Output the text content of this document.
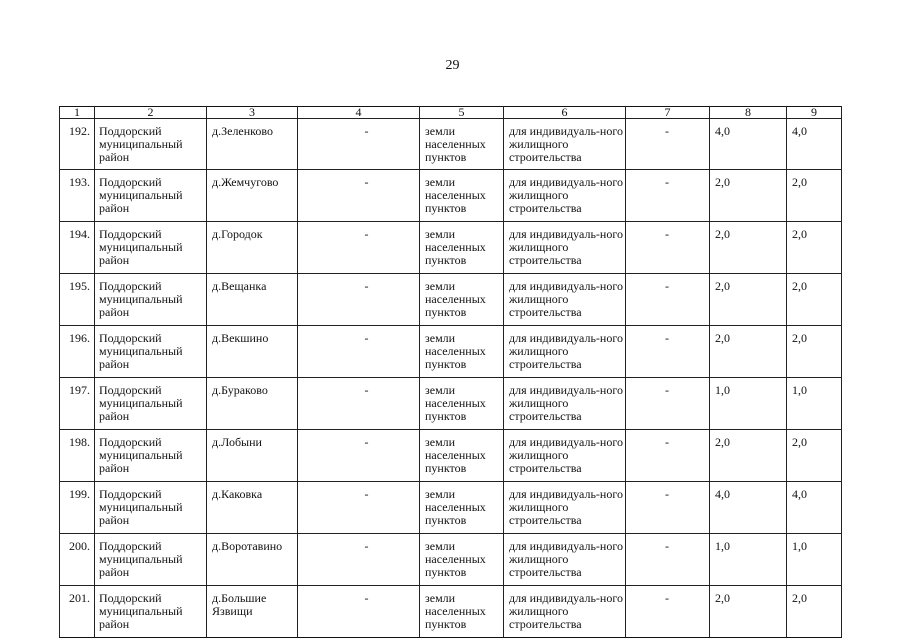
29
1	2	3	4	5	6	7	8	9
192.	Поддорский муниципальный район	д.Зеленково	-	земли населенных пунктов	для индивидуаль-ного жилищного строительства	-	4,0	4,0
193.	Поддорский муниципальный район	д.Жемчугово	-	земли населенных пунктов	для индивидуаль-ного жилищного строительства	-	2,0	2,0
194.	Поддорский муниципальный район	д.Городок	-	земли населенных пунктов	для индивидуаль-ного жилищного строительства	-	2,0	2,0
195.	Поддорский муниципальный район	д.Вещанка	-	земли населенных пунктов	для индивидуаль-ного жилищного строительства	-	2,0	2,0
196.	Поддорский муниципальный район	д.Векшино	-	земли населенных пунктов	для индивидуаль-ного жилищного строительства	-	2,0	2,0
197.	Поддорский муниципальный район	д.Бураково	-	земли населенных пунктов	для индивидуаль-ного жилищного строительства	-	1,0	1,0
198.	Поддорский муниципальный район	д.Лобыни	-	земли населенных пунктов	для индивидуаль-ного жилищного строительства	-	2,0	2,0
199.	Поддорский муниципальный район	д.Каковка	-	земли населенных пунктов	для индивидуаль-ного жилищного строительства	-	4,0	4,0
200.	Поддорский муниципальный район	д.Воротавино	-	земли населенных пунктов	для индивидуаль-ного жилищного строительства	-	1,0	1,0
201.	Поддорский муниципальный район	д.Большие Язвищи	-	земли населенных пунктов	для индивидуаль-ного жилищного строительства	-	2,0	2,0
